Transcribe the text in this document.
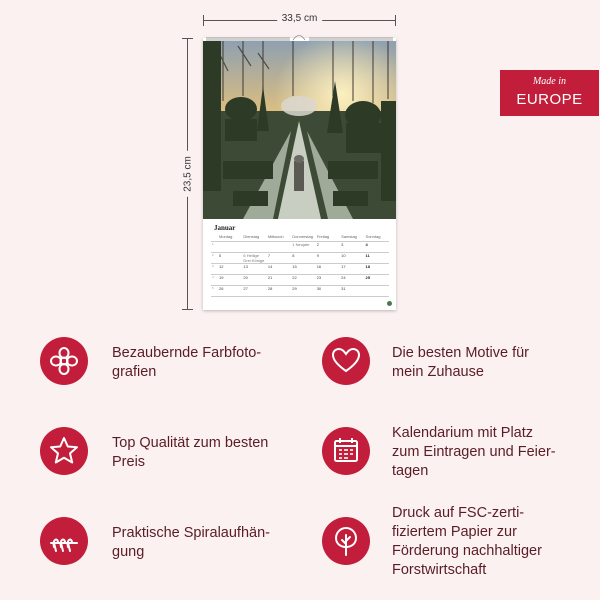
33,5 cm
23,5 cm
Januar
	Montag	Dienstag	Mittwoch	Donnerstag	Freitag	Samstag	Sonntag
1				1 Neujahr	2	3	4
2	5	6 Heilige Drei Könige	7	8	9	10	11
3	12	13	14	15	16	17	18
4	19	20	21	22	23	24	25
5	26	27	28	29	30	31	
Made in
EUROPE
Bezaubernde Farbfoto-
grafien
Die besten Motive für
mein Zuhause
Top Qualität zum besten
Preis
Kalendarium mit Platz
zum Eintragen und Feier-
tagen
Praktische Spiralaufhän-
gung
Druck auf FSC-zerti-
fiziertem Papier zur
Förderung nachhaltiger
Forstwirtschaft
